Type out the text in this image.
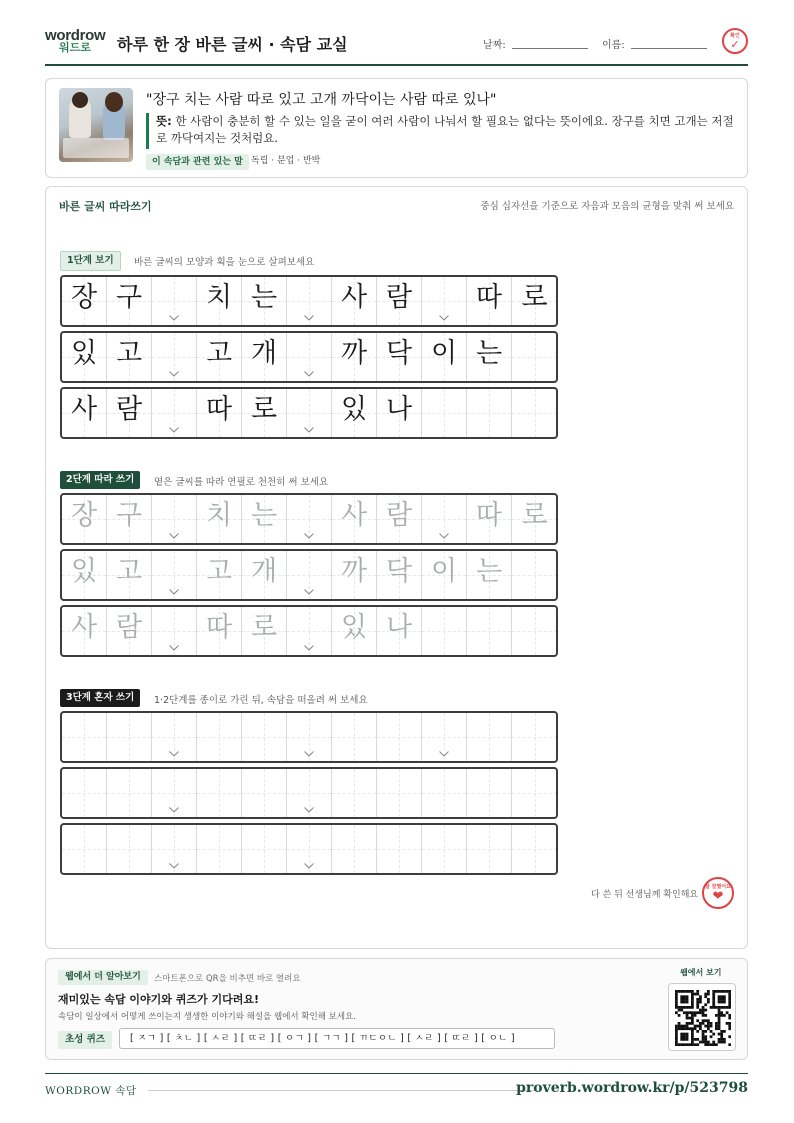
wordrow
워드로 하루 한 장 바른 글씨 · 속담 교실	날짜:	이름:
확인
✓
"장구 치는 사람 따로 있고 고개 까닥이는 사람 따로 있나"
뜻: 한 사람이 충분히 할 수 있는 일을 굳이 여러 사람이 나눠서 할 필요는 없다는 뜻이에요. 장구를 치면 고개는 저절로 까닥여지는 것처럼요.
이 속담과 관련 있는 말 독립 · 분업 · 반박
바른 글씨 따라쓰기	중심 십자선을 기준으로 자음과 모음의 균형을 맞춰 써 보세요
1단계 보기	바른 글씨의 모양과 획을 눈으로 살펴보세요
장 구	치 는	사 람	따 로
있 고	고 개	까 닥 이 는
사 람	따 로	있 나
2단계 따라 쓰기	옅은 글씨를 따라 연필로 천천히 써 보세요
장 구	치 는	사 람	따 로
있 고	고 개	까 닥 이 는
사 람	따 로	있 나
3단계 혼자 쓰기	1·2단계를 종이로 가린 뒤, 속담을 떠올려 써 보세요
다 쓴 뒤 선생님께 확인해요
참 잘했어요
❤
웹에서 더 알아보기	스마트폰으로 QR을 비추면 바로 열려요
재미있는 속담 이야기와 퀴즈가 기다려요!
속담이 일상에서 어떻게 쓰이는지 생생한 이야기와 해설을 웹에서 확인해 보세요.
초성 퀴즈	[ ㅈㄱ ] [ ㅊㄴ ] [ ㅅㄹ ] [ ㄸㄹ ] [ ㅇㄱ ] [ ㄱㄱ ] [ ㄲㄷㅇㄴ ] [ ㅅㄹ ] [ ㄸㄹ ] [ ㅇㄴ ]
웹에서 보기
WORDROW 속담	proverb.wordrow.kr/p/523798
